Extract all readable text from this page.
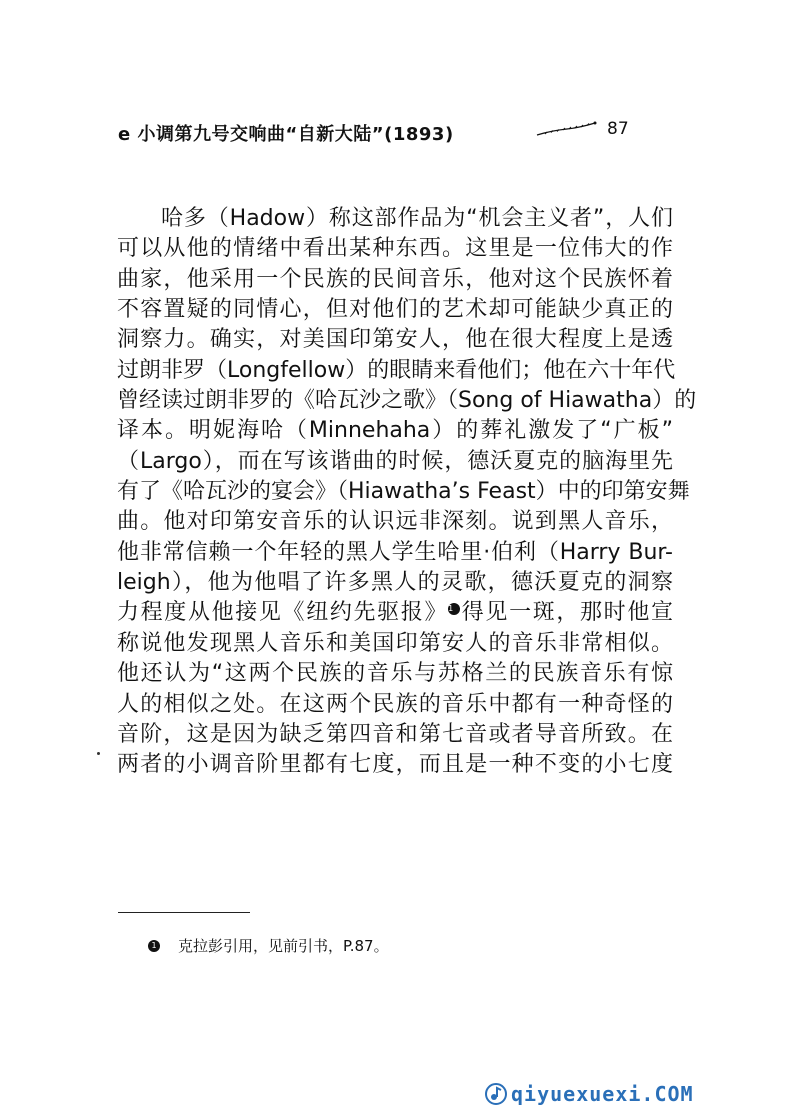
e 小调第九号交响曲“自新大陆”(1893)	87
哈多（Hadow）称这部作品为“机会主义者”，人们
可以从他的情绪中看出某种东西。这里是一位伟大的作
曲家，他采用一个民族的民间音乐，他对这个民族怀着
不容置疑的同情心，但对他们的艺术却可能缺少真正的
洞察力。确实，对美国印第安人，他在很大程度上是透
过朗非罗（Longfellow）的眼睛来看他们；他在六十年代
曾经读过朗非罗的《哈瓦沙之歌》（Song of Hiawatha）的
译本。明妮海哈（Minnehaha）的葬礼激发了“广板”
（Largo），而在写该谐曲的时候，德沃夏克的脑海里先
有了《哈瓦沙的宴会》（Hiawatha’s Feast）中的印第安舞
曲。他对印第安音乐的认识远非深刻。说到黑人音乐，
他非常信赖一个年轻的黑人学生哈里·伯利（Harry Bur-
leigh），他为他唱了许多黑人的灵歌，德沃夏克的洞察
力程度从他接见《纽约先驱报》1 得见一斑，那时他宣
称说他发现黑人音乐和美国印第安人的音乐非常相似。
他还认为“这两个民族的音乐与苏格兰的民族音乐有惊
人的相似之处。在这两个民族的音乐中都有一种奇怪的
音阶，这是因为缺乏第四音和第七音或者导音所致。在
两者的小调音阶里都有七度，而且是一种不变的小七度
1 克拉彭引用，见前引书，P.87。
qiyuexuexi.COM
